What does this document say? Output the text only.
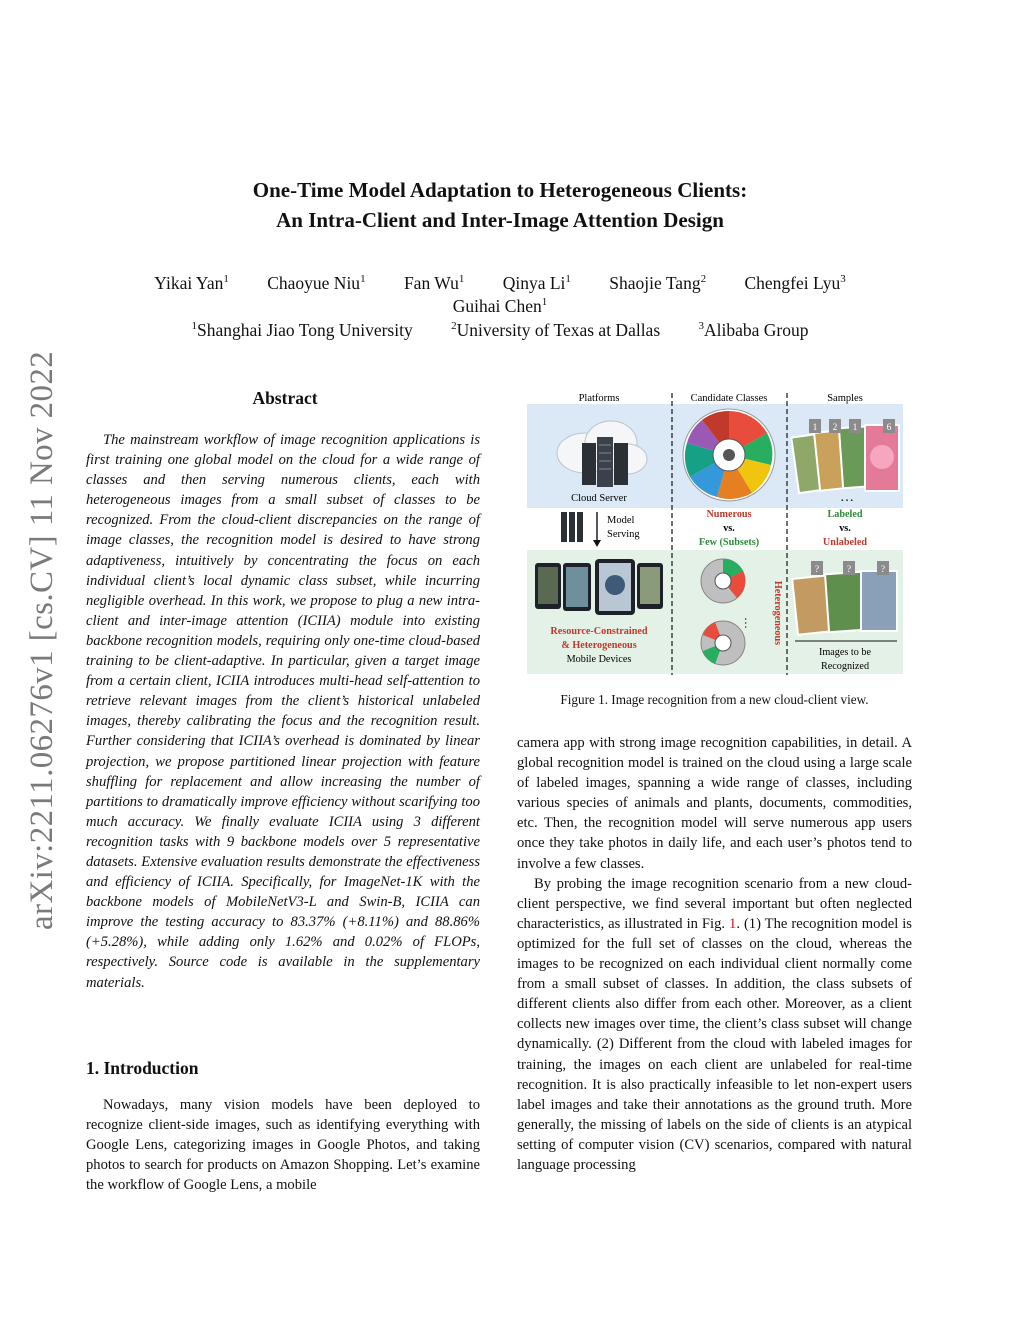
One-Time Model Adaptation to Heterogeneous Clients:
An Intra-Client and Inter-Image Attention Design
Yikai Yan$^1$ Chaoyue Niu$^1$ Fan Wu$^1$ Qinya Li$^1$ Shaojie Tang$^2$ Chengfei Lyu$^3$
Guihai Chen$^1$
$^1$Shanghai Jiao Tong University	$^2$University of Texas at Dallas	$^3$Alibaba Group
arXiv:2211.06276v1 [cs.CV] 11 Nov 2022	Abstract

The mainstream workflow of image recognition applications is first training one global model on the cloud for a wide range of classes and then serving numerous clients, each with heterogeneous images from a small subset of classes to be recognized. From the cloud-client discrepancies on the range of image classes, the recognition model is desired to have strong adaptiveness, intuitively by concentrating the focus on each individual client’s local dynamic class subset, while incurring negligible overhead. In this work, we propose to plug a new intra-client and inter-image attention (ICIIA) module into existing backbone recognition models, requiring only one-time cloud-based training to be client-adaptive. In particular, given a target image from a certain client, ICIIA introduces multi-head self-attention to retrieve relevant images from the client’s historical unlabeled images, thereby calibrating the focus and the recognition result. Further considering that ICIIA’s overhead is dominated by linear projection, we propose partitioned linear projection with feature shuffling for replacement and allow increasing the number of partitions to dramatically improve efficiency without scarifying too much accuracy. We finally evaluate ICIIA using 3 different recognition tasks with 9 backbone models over 5 representative datasets. Extensive evaluation results demonstrate the effectiveness and efficiency of ICIIA. Specifically, for ImageNet-1K with the backbone models of MobileNetV3-L and Swin-B, ICIIA can improve the testing accuracy to 83.37% (+8.11%) and 88.86% (+5.28%), while adding only 1.62% and 0.02% of FLOPs, respectively. Source code is available in the supplementary materials.

1. Introduction

Nowadays, many vision models have been deployed to recognize client-side images, such as identifying everything with Google Lens, categorizing images in Google Photos, and taking photos to search for products on Amazon Shopping. Let’s examine the workflow of Google Lens, a mobile

Platforms	Candidate Classes	Samples
Cloud Server
Model
Serving
Resource-Constrained
& Heterogeneous
Mobile Devices
Numerous
vs.
Few (Subsets)
… Heterogeneous
1 2 1	6
…
Labeled
vs.
Unlabeled
?	?	?
Images to be
Recognized
Figure 1. Image recognition from a new cloud-client view.

camera app with strong image recognition capabilities, in detail. A global recognition model is trained on the cloud using a large scale of labeled images, spanning a wide range of classes, including various species of animals and plants, documents, commodities, etc. Then, the recognition model will serve numerous app users once they take photos in daily life, and each user’s photos tend to involve a few classes.

By probing the image recognition scenario from a new cloud-client perspective, we find several important but often neglected characteristics, as illustrated in Fig. 1. (1) The recognition model is optimized for the full set of classes on the cloud, whereas the images to be recognized on each individual client normally come from a small subset of classes. In addition, the class subsets of different clients also differ from each other. Moreover, as a client collects new images over time, the client’s class subset will change dynamically. (2) Different from the cloud with labeled images for training, the images on each client are unlabeled for real-time recognition. It is also practically infeasible to let non-expert users label images and take their annotations as the ground truth. More generally, the missing of labels on the side of clients is an atypical setting of computer vision (CV) scenarios, compared with natural language processing
